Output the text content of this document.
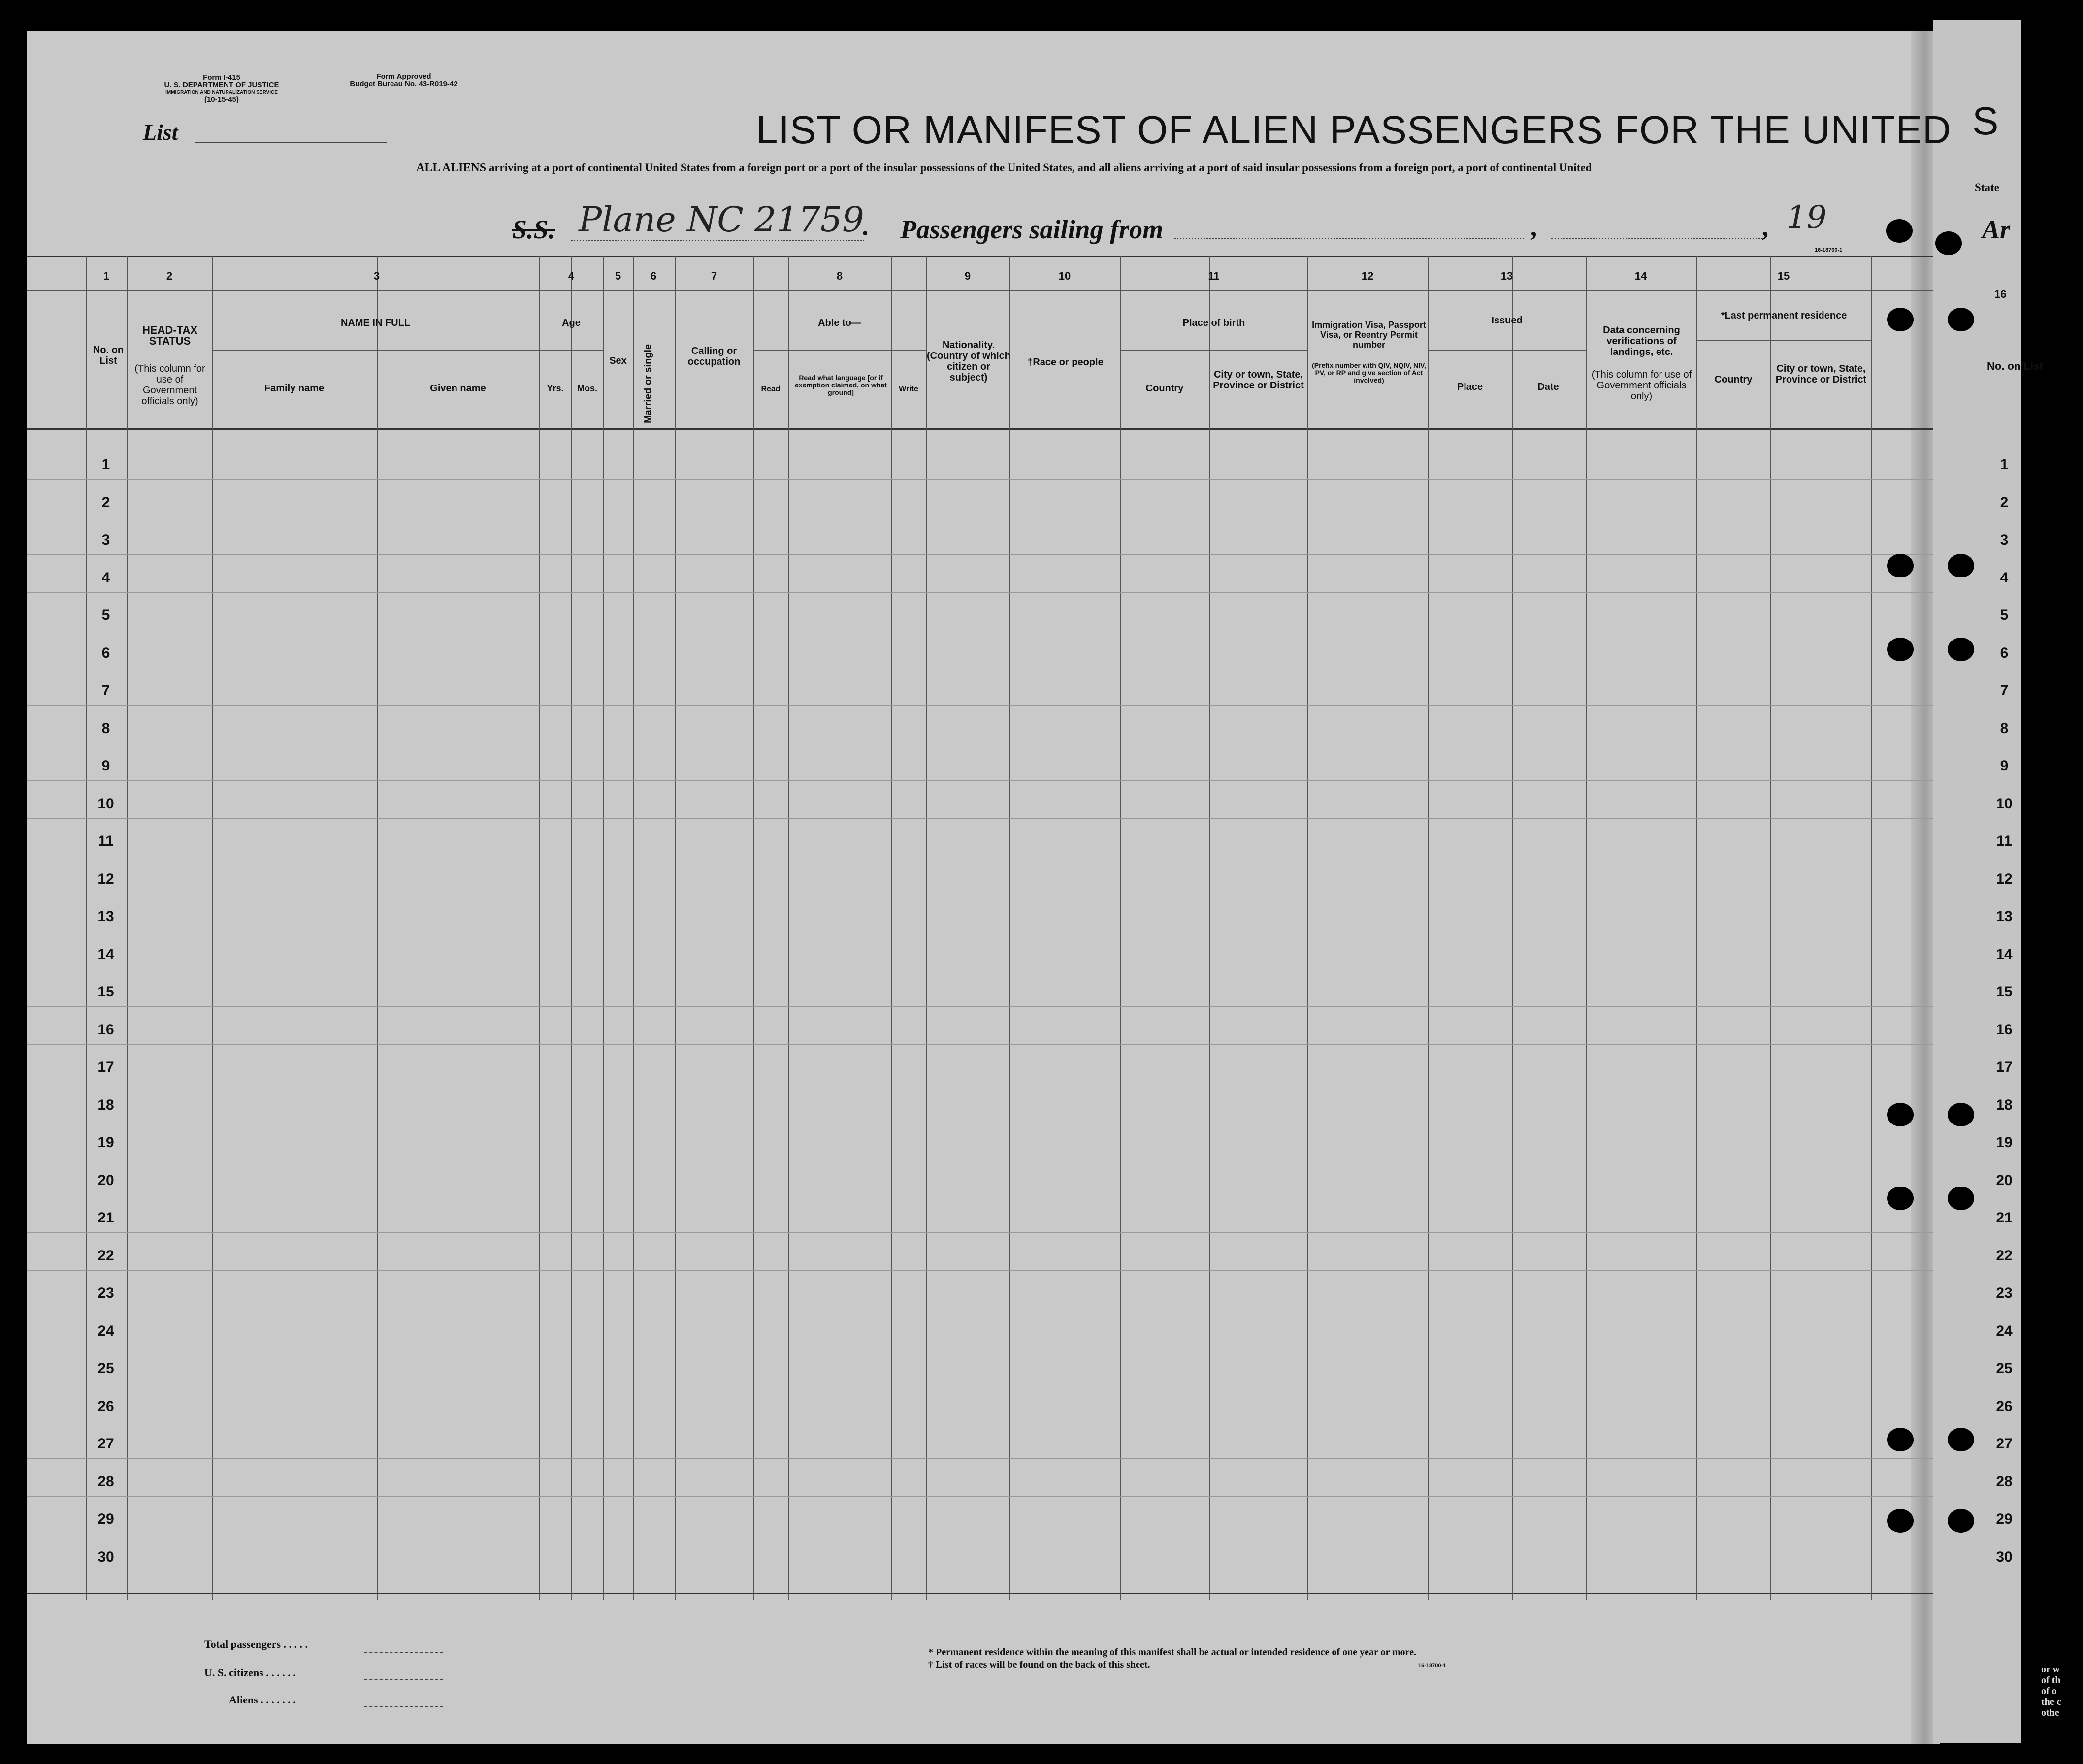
S
State
Ar
16
No. on List
Form I-415
U. S. DEPARTMENT OF JUSTICE
IMMIGRATION AND NATURALIZATION SERVICE
(10-15-45)
Form Approved
Budget Bureau No. 43-R019-42
List	LIST OR MANIFEST OF ALIEN PASSENGERS FOR THE UNITED
ALL ALIENS arriving at a port of continental United States from a foreign port or a port of the insular possessions of the United States, and all aliens arriving at a port of said insular possessions from a foreign port, a port of continental United
S.S. Plane NC 21759
. Passengers sailing from	,	, 19
16-18700-1
1	2	3	4	5	6	7	8	9	10	11	12	13	14	15
No. on List
HEAD-TAX STATUS
(This column for use of Government officials only)
NAME IN FULL
Family name	Given name
Age
Yrs.	Mos.
Sex	Married or single	Calling or occupation
Able to—
Read
Read what language [or if exemption claimed, on what ground]	Write
Nationality. (Country of which citizen or subject)
†Race or people
Place of birth
Country
City or town, State, Province or District
Immigration Visa, Passport Visa, or Reentry Permit number
(Prefix number with QIV, NQIV, NIV, PV, or RP and give section of Act involved)
Issued
Place	Date
Data concerning verifications of landings, etc.
(This column for use of Government officials only)
*Last permanent residence
Country
City or town, State, Province or District
1	1
2	2
3	3
4	4
5	5
6	6
7	7
8	8
9	9
10	10
11	11
12	12
13	13
14	14
15	15
16	16
17	17
18	18
19	19
20	20
21	21
22	22
23	23
24	24
25	25
26	26
27	27
28	28
29	29
30	30
Total passengers . . . . .
U. S. citizens . . . . . .
Aliens . . . . . . .
* Permanent residence within the meaning of this manifest shall be actual or intended residence of one year or more.
† List of races will be found on the back of this sheet.	16-18700-1	or w
of th
of o
the c
othe
